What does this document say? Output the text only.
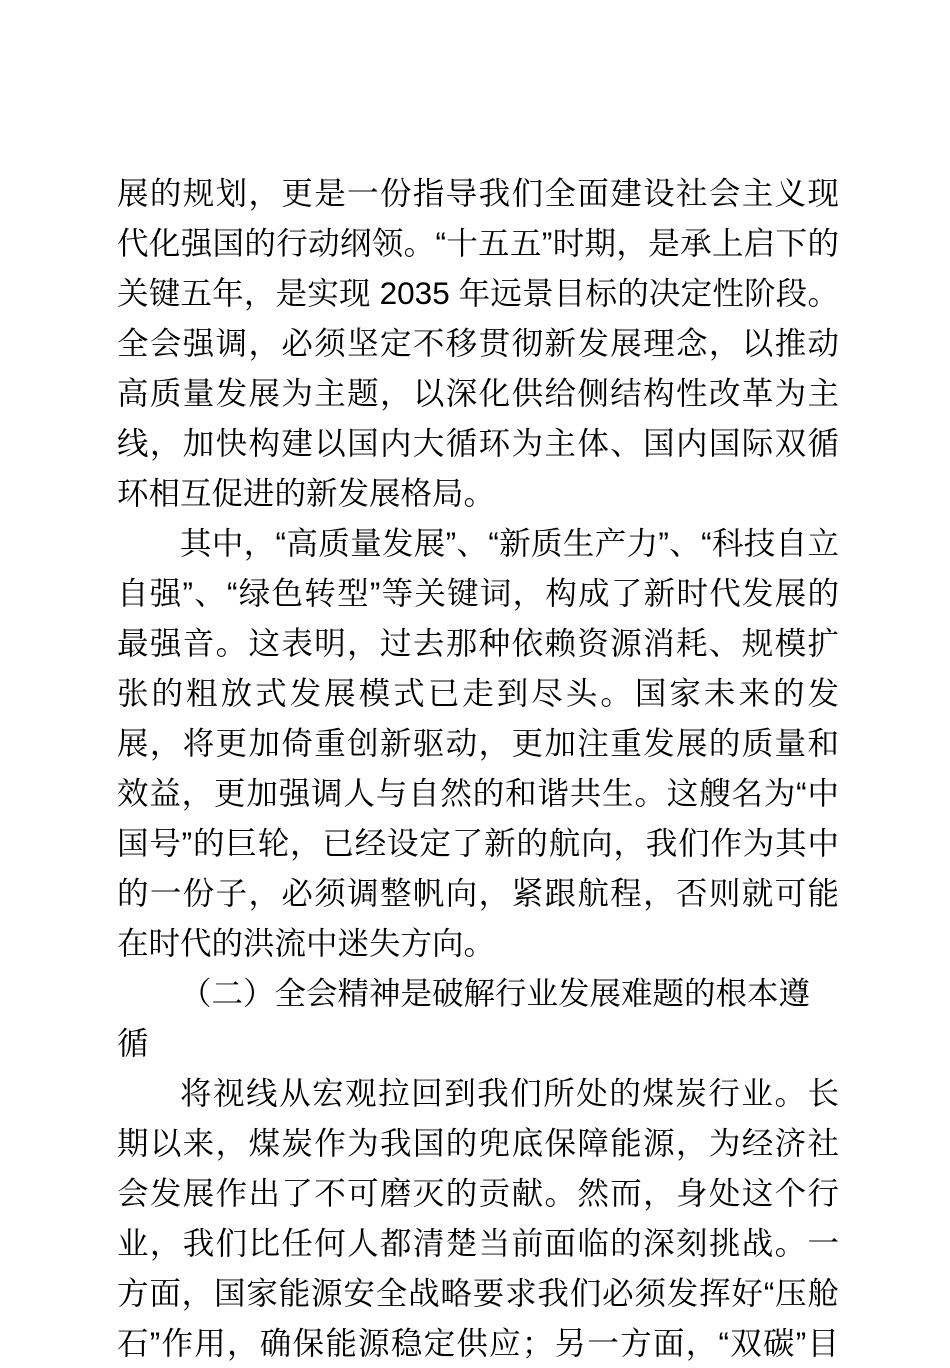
展的规划，更是一份指导我们全面建设社会主义现代化强国的行动纲领。“十五五”时期，是承上启下的关键五年，是实现 2035 年远景目标的决定性阶段。全会强调，必须坚定不移贯彻新发展理念，以推动高质量发展为主题，以深化供给侧结构性改革为主线，加快构建以国内大循环为主体、国内国际双循环相互促进的新发展格局。

其中，“高质量发展”、“新质生产力”、“科技自立自强”、“绿色转型”等关键词，构成了新时代发展的最强音。这表明，过去那种依赖资源消耗、规模扩张的粗放式发展模式已走到尽头。国家未来的发展，将更加倚重创新驱动，更加注重发展的质量和效益，更加强调人与自然的和谐共生。这艘名为“中国号”的巨轮，已经设定了新的航向，我们作为其中的一份子，必须调整帆向，紧跟航程，否则就可能在时代的洪流中迷失方向。

（二）全会精神是破解行业发展难题的根本遵循

将视线从宏观拉回到我们所处的煤炭行业。长期以来，煤炭作为我国的兜底保障能源，为经济社会发展作出了不可磨灭的贡献。然而，身处这个行业，我们比任何人都清楚当前面临的深刻挑战。一方面，国家能源安全战略要求我们必须发挥好“压舱石”作用，确保能源稳定供应；另一方面，“双碳”目
